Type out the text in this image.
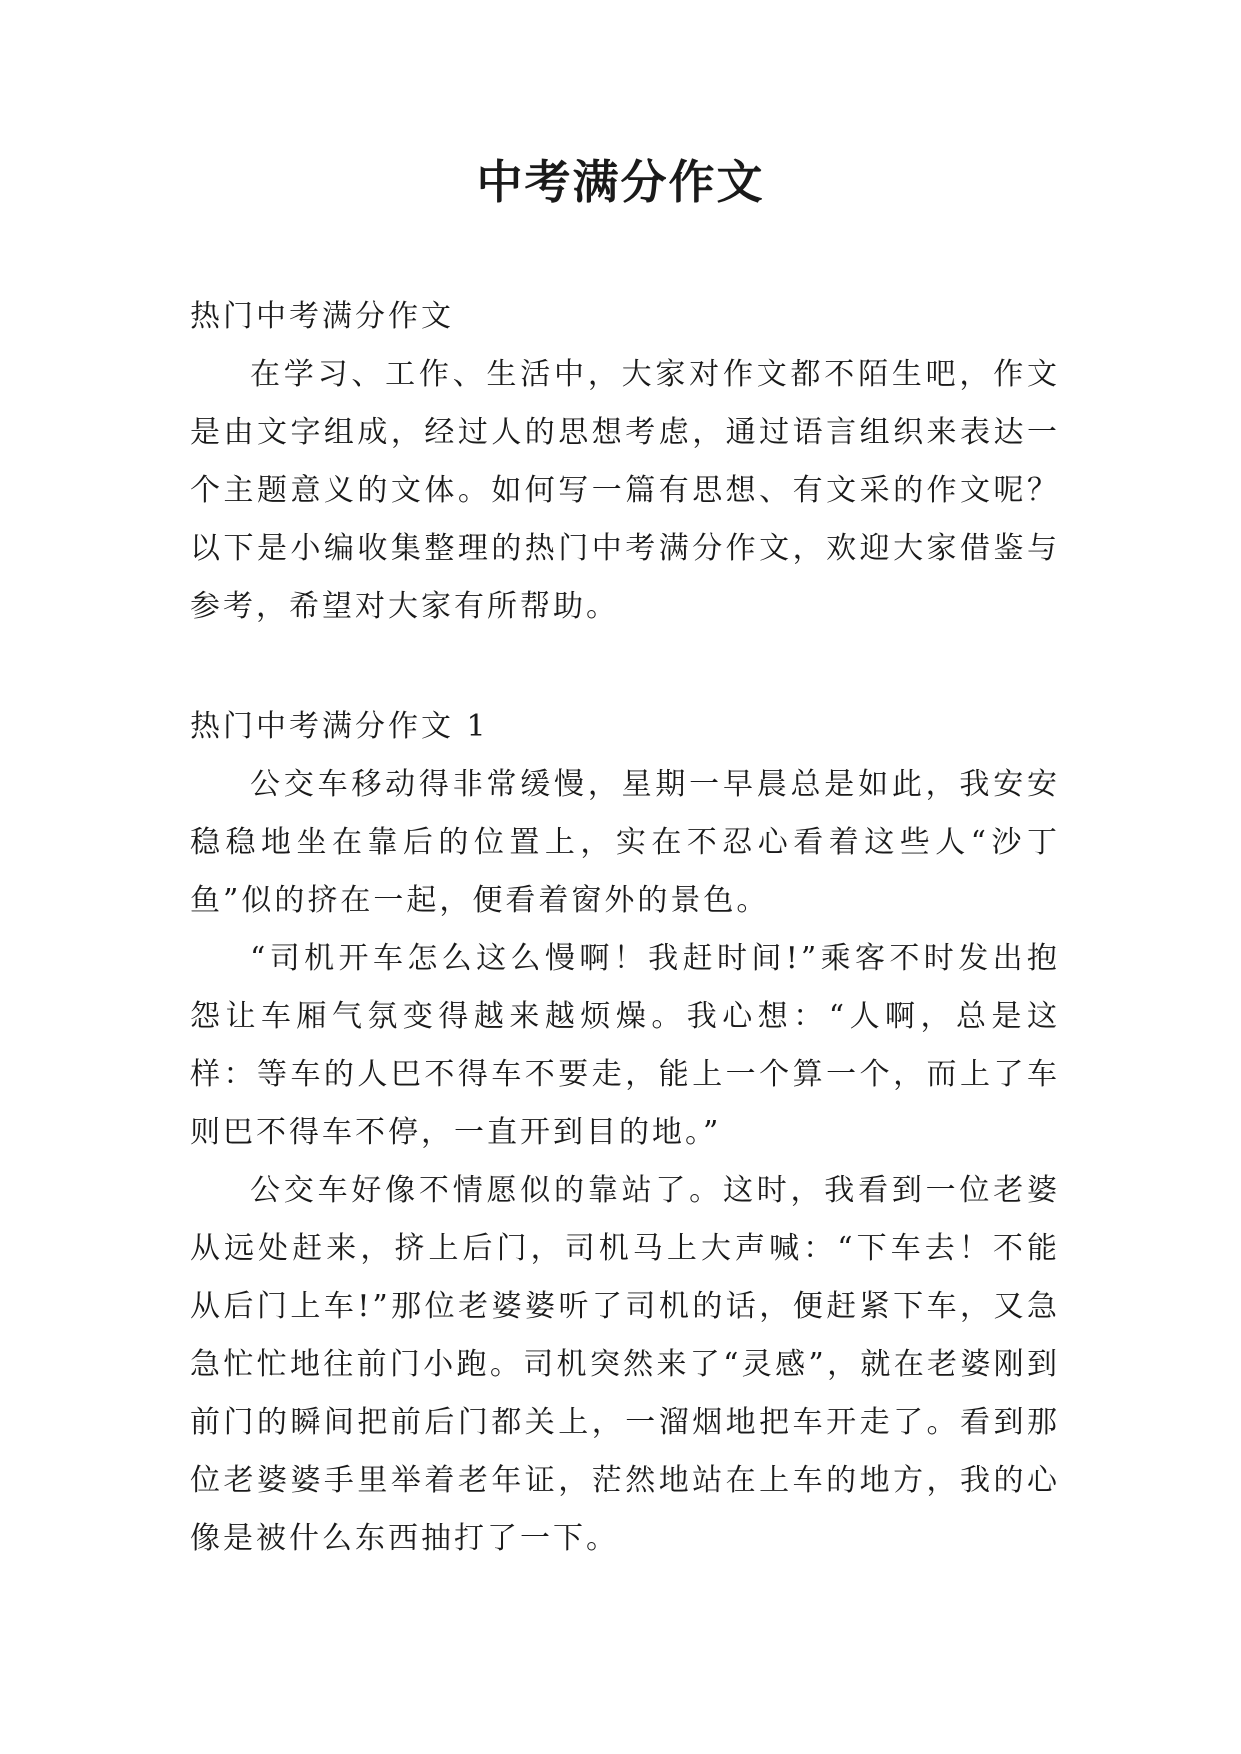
中考满分作文

热门中考满分作文

在学习、工作、生活中，大家对作文都不陌生吧，作文是由文字组成，经过人的思想考虑，通过语言组织来表达一个主题意义的文体。如何写一篇有思想、有文采的作文呢？以下是小编收集整理的热门中考满分作文，欢迎大家借鉴与参考，希望对大家有所帮助。

热门中考满分作文 1

公交车移动得非常缓慢，星期一早晨总是如此，我安安稳稳地坐在靠后的位置上，实在不忍心看着这些人“沙丁鱼”似的挤在一起，便看着窗外的景色。

“司机开车怎么这么慢啊！我赶时间!”乘客不时发出抱怨让车厢气氛变得越来越烦燥。我心想：“人啊，总是这样：等车的人巴不得车不要走，能上一个算一个，而上了车则巴不得车不停，一直开到目的地。”

公交车好像不情愿似的靠站了。这时，我看到一位老婆从远处赶来，挤上后门，司机马上大声喊：“下车去！不能从后门上车!”那位老婆婆听了司机的话，便赶紧下车，又急急忙忙地往前门小跑。司机突然来了“灵感”，就在老婆刚到前门的瞬间把前后门都关上，一溜烟地把车开走了。看到那位老婆婆手里举着老年证，茫然地站在上车的地方，我的心像是被什么东西抽打了一下。
